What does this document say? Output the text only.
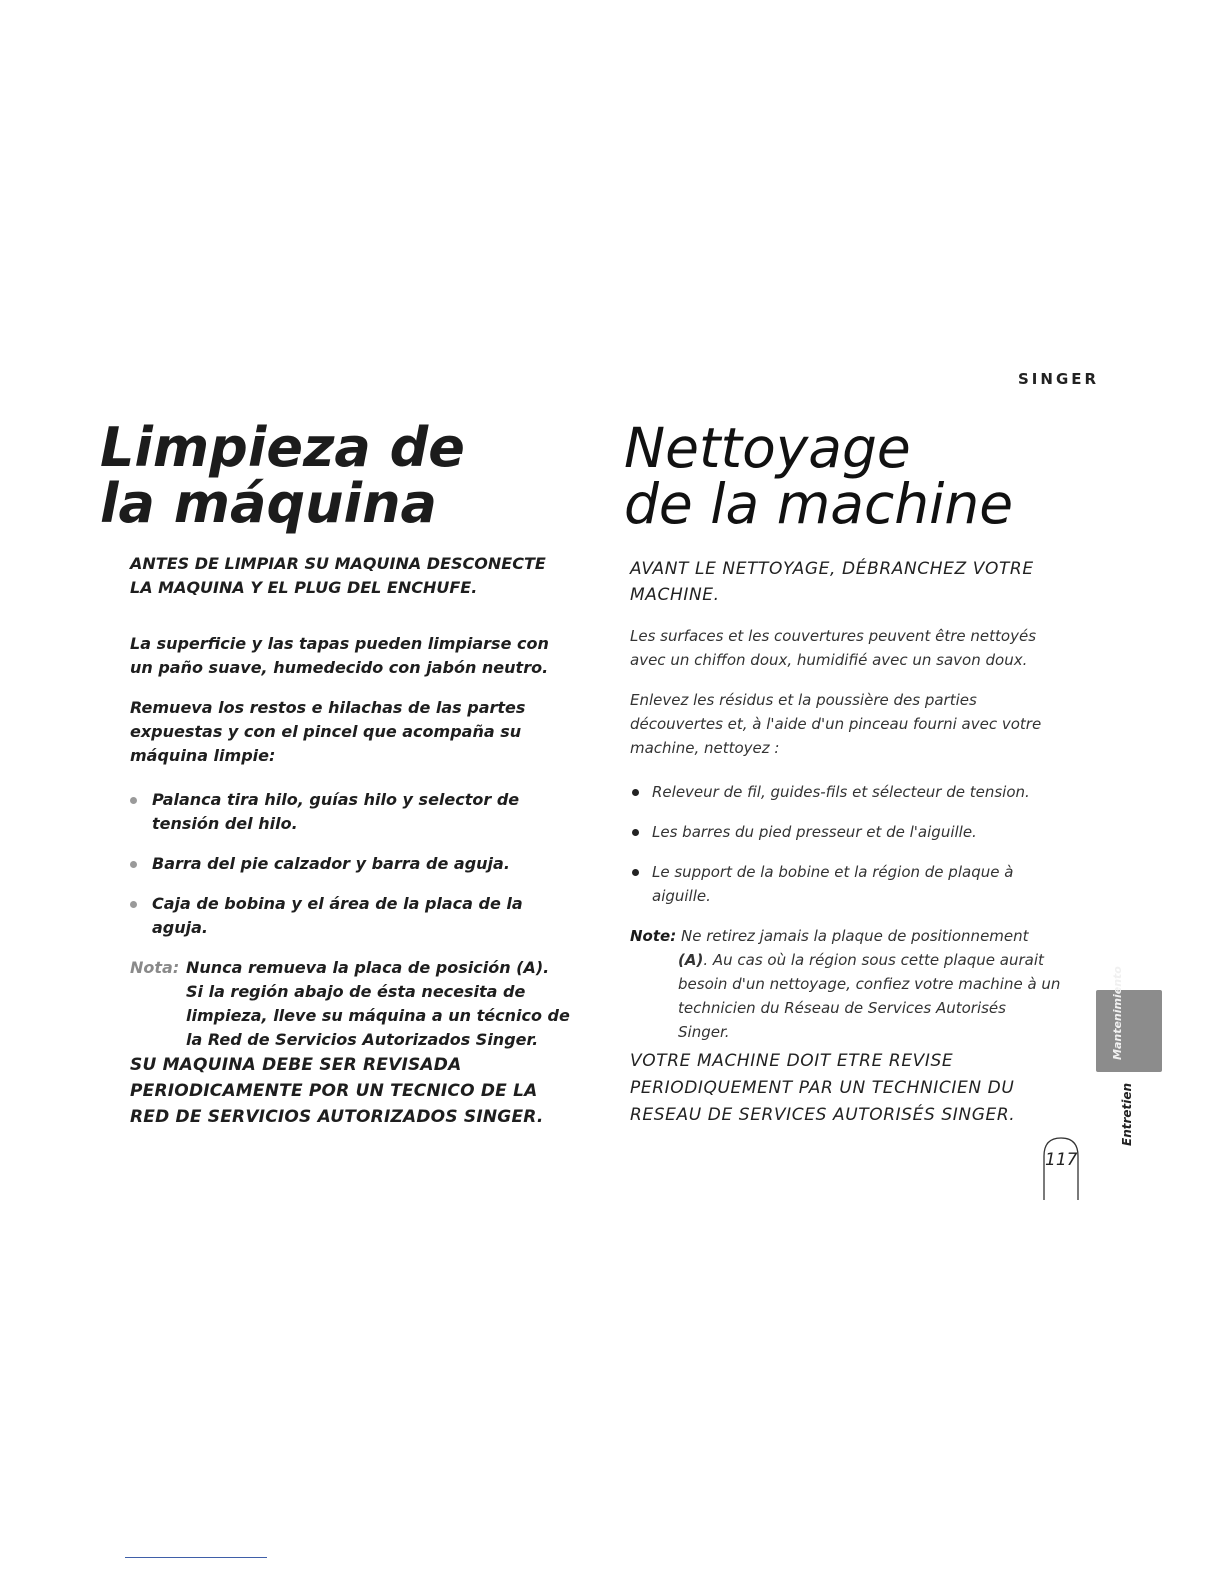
SINGER
Limpieza de
la máquina
Nettoyage
de la machine

ANTES DE LIMPIAR SU MAQUINA DESCONECTE LA MAQUINA Y EL PLUG DEL ENCHUFE.

La superficie y las tapas pueden limpiarse con un paño suave, humedecido con jabón neutro.

Remueva los restos e hilachas de las partes expuestas y con el pincel que acompaña su máquina limpie:

Palanca tira hilo, guías hilo y selector de tensión del hilo.
Barra del pie calzador y barra de aguja.
Caja de bobina y el área de la placa de la aguja.

Nota: Nunca remueva la placa de posición (A). Si la región abajo de ésta necesita de limpieza, lleve su máquina a un técnico de la Red de Servicios Autorizados Singer.

SU MAQUINA DEBE SER REVISADA PERIODICAMENTE POR UN TECNICO DE LA RED DE SERVICIOS AUTORIZADOS SINGER.

AVANT LE NETTOYAGE, DÉBRANCHEZ VOTRE MACHINE.

Les surfaces et les couvertures peuvent être nettoyés avec un chiffon doux, humidifié avec un savon doux.

Enlevez les résidus et la poussière des parties découvertes et, à l'aide d'un pinceau fourni avec votre machine, nettoyez :

Releveur de fil, guides-fils et sélecteur de tension.
Les barres du pied presseur et de l'aiguille.
Le support de la bobine et la région de plaque à aiguille.

Note: Ne retirez jamais la plaque de positionnement (A). Au cas où la région sous cette plaque aurait besoin d'un nettoyage, confiez votre machine à un technicien du Réseau de Services Autorisés Singer.

VOTRE MACHINE DOIT ETRE REVISE PERIODIQUEMENT PAR UN TECHNICIEN DU RESEAU DE SERVICES AUTORISÉS SINGER.

Mantenimiento
Entretien
117
